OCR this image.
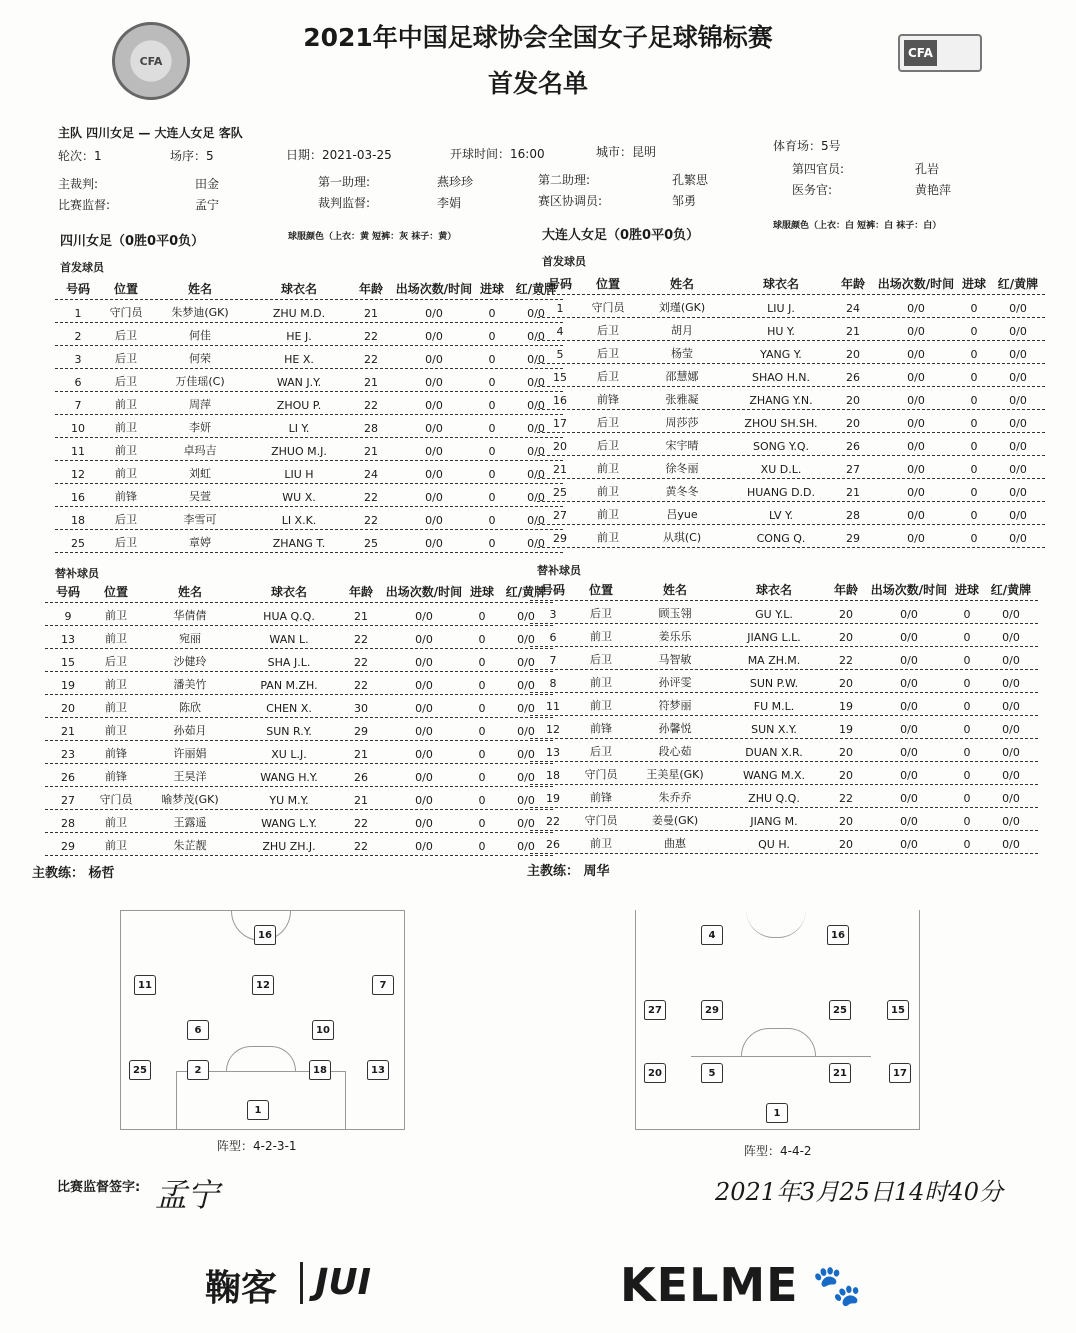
CFA
2021年中国足球协会全国女子足球锦标赛
首发名单
CFA
主队 四川女足 — 大连人女足 客队
轮次：1	场序：5	日期：2021-03-25	开球时间：16:00	城市：昆明	体育场：5号
主裁判:	田金	第一助理:	燕珍珍	第二助理:	孔繁思
第四官员:	孔岩
比赛监督:	孟宁	裁判监督:	李娟	赛区协调员:	邹勇
医务官:	黄艳萍
四川女足（0胜0平0负）	球服颜色（上衣：黄 短裤：灰 袜子：黄）	大连人女足（0胜0平0负）
球服颜色（上衣：白 短裤：白 袜子：白）
首发球员	首发球员
替补球员	替补球员
号码	位置	姓名	球衣名	年龄	出场次数/时间 进球 红/黄牌
1	守门员	朱梦迪(GK)	ZHU M.D.	21	0/0	0	0/0
2	后卫	何佳	HE J.	22	0/0	0	0/0
3	后卫	何荣	HE X.	22	0/0	0	0/0
6	后卫	万佳瑶(C)	WAN J.Y.	21	0/0	0	0/0
7	前卫	周萍	ZHOU P.	22	0/0	0	0/0
10	前卫	李妍	LI Y.	28	0/0	0	0/0
11	前卫	卓玛吉	ZHUO M.J.	21	0/0	0	0/0
12	前卫	刘虹	LIU H	24	0/0	0	0/0
16	前锋	吴萱	WU X.	22	0/0	0	0/0
18	后卫	李雪可	LI X.K.	22	0/0	0	0/0
25	后卫	章婷	ZHANG T.	25	0/0	0	0/0
号码	位置	姓名	球衣名	年龄	出场次数/时间 进球 红/黄牌
1	守门员	刘瑾(GK)	LIU J.	24	0/0	0	0/0
4	后卫	胡月	HU Y.	21	0/0	0	0/0
5	后卫	杨莹	YANG Y.	20	0/0	0	0/0
15	后卫	邵慧娜	SHAO H.N.	26	0/0	0	0/0
16	前锋	张雅凝	ZHANG Y.N.	20	0/0	0	0/0
17	后卫	周莎莎	ZHOU SH.SH.	20	0/0	0	0/0
20	后卫	宋宇晴	SONG Y.Q.	26	0/0	0	0/0
21	前卫	徐冬丽	XU D.L.	27	0/0	0	0/0
25	前卫	黄冬冬	HUANG D.D.	21	0/0	0	0/0
27	前卫	吕yue	LV Y.	28	0/0	0	0/0
29	前卫	从琪(C)	CONG Q.	29	0/0	0	0/0
号码	位置	姓名	球衣名	年龄	出场次数/时间 进球 红/黄牌
9	前卫	华倩倩	HUA Q.Q.	21	0/0	0	0/0
13	前卫	宛丽	WAN L.	22	0/0	0	0/0
15	后卫	沙健玲	SHA J.L.	22	0/0	0	0/0
19	前卫	潘美竹	PAN M.ZH.	22	0/0	0	0/0
20	前卫	陈欣	CHEN X.	30	0/0	0	0/0
21	前卫	孙茹月	SUN R.Y.	29	0/0	0	0/0
23	前锋	许丽娟	XU L.J.	21	0/0	0	0/0
26	前锋	王昊洋	WANG H.Y.	26	0/0	0	0/0
27	守门员	喻梦茂(GK)	YU M.Y.	21	0/0	0	0/0
28	前卫	王露遥	WANG L.Y.	22	0/0	0	0/0
29	前卫	朱芷靓	ZHU ZH.J.	22	0/0	0	0/0
号码	位置	姓名	球衣名	年龄	出场次数/时间 进球 红/黄牌
3	后卫	顾玉翎	GU Y.L.	20	0/0	0	0/0
6	前卫	姜乐乐	JIANG L.L.	20	0/0	0	0/0
7	后卫	马智敏	MA ZH.M.	22	0/0	0	0/0
8	前卫	孙评雯	SUN P.W.	20	0/0	0	0/0
11	前卫	符梦丽	FU M.L.	19	0/0	0	0/0
12	前锋	孙馨悦	SUN X.Y.	19	0/0	0	0/0
13	后卫	段心茹	DUAN X.R.	20	0/0	0	0/0
18	守门员	王美星(GK)	WANG M.X.	20	0/0	0	0/0
19	前锋	朱乔乔	ZHU Q.Q.	22	0/0	0	0/0
22	守门员	姜曼(GK)	JIANG M.	20	0/0	0	0/0
26	前卫	曲惠	QU H.	20	0/0	0	0/0
主教练： 杨哲	主教练： 周华
16
11	12	7
6	10
25	2	18	13
1
4	16
27	29	25	15
20	5	21	17
1
阵型：4-2-3-1	阵型：4-4-2
比赛监督签字: 孟宁	2021年3月25日14时40分
鞠客 JUI	KELME 🐾
